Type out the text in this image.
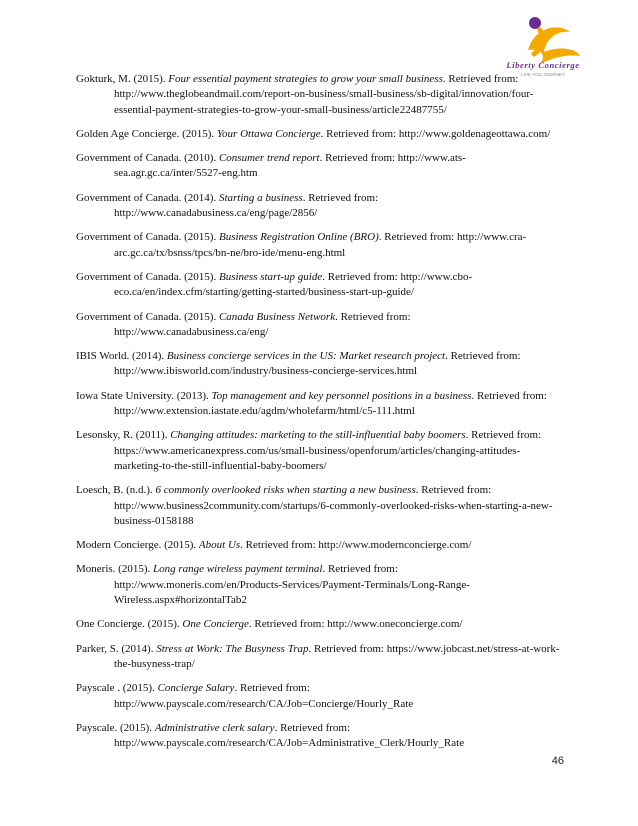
Liberty Concierge
LIVE YOU JOURNEY

Gokturk, M. (2015). Four essential payment strategies to grow your small business. Retrieved from: http://www.theglobeandmail.com/report-on-business/small-business/sb-digital/innovation/four-essential-payment-strategies-to-grow-your-small-business/article22487755/

Golden Age Concierge. (2015). Your Ottawa Concierge. Retrieved from: http://www.goldenageottawa.com/

Government of Canada. (2010). Consumer trend report. Retrieved from: http://www.ats-sea.agr.gc.ca/inter/5527-eng.htm

Government of Canada. (2014). Starting a business. Retrieved from: http://www.canadabusiness.ca/eng/page/2856/

Government of Canada. (2015). Business Registration Online (BRO). Retrieved from: http://www.cra-arc.gc.ca/tx/bsnss/tpcs/bn-ne/bro-ide/menu-eng.html

Government of Canada. (2015). Business start-up guide. Retrieved from: http://www.cbo-eco.ca/en/index.cfm/starting/getting-started/business-start-up-guide/

Government of Canada. (2015). Canada Business Network. Retrieved from: http://www.canadabusiness.ca/eng/

IBIS World. (2014). Business concierge services in the US: Market research project. Retrieved from: http://www.ibisworld.com/industry/business-concierge-services.html

Iowa State University. (2013). Top management and key personnel positions in a business. Retrieved from: http://www.extension.iastate.edu/agdm/wholefarm/html/c5-111.html

Lesonsky, R. (2011). Changing attitudes: marketing to the still-influential baby boomers. Retrieved from: https://www.americanexpress.com/us/small-business/openforum/articles/changing-attitudes-marketing-to-the-still-influential-baby-boomers/

Loesch, B. (n.d.). 6 commonly overlooked risks when starting a new business. Retrieved from: http://www.business2community.com/startups/6-commonly-overlooked-risks-when-starting-a-new-business-0158188

Modern Concierge. (2015). About Us. Retrieved from: http://www.modernconcierge.com/

Moneris. (2015). Long range wireless payment terminal. Retrieved from: http://www.moneris.com/en/Products-Services/Payment-Terminals/Long-Range-Wireless.aspx#horizontalTab2

One Concierge. (2015). One Concierge. Retrieved from: http://www.oneconcierge.com/

Parker, S. (2014). Stress at Work: The Busyness Trap. Retrieved from: https://www.jobcast.net/stress-at-work-the-busyness-trap/

Payscale . (2015). Concierge Salary. Retrieved from: http://www.payscale.com/research/CA/Job=Concierge/Hourly_Rate

Payscale. (2015). Administrative clerk salary. Retrieved from: http://www.payscale.com/research/CA/Job=Administrative_Clerk/Hourly_Rate

46
